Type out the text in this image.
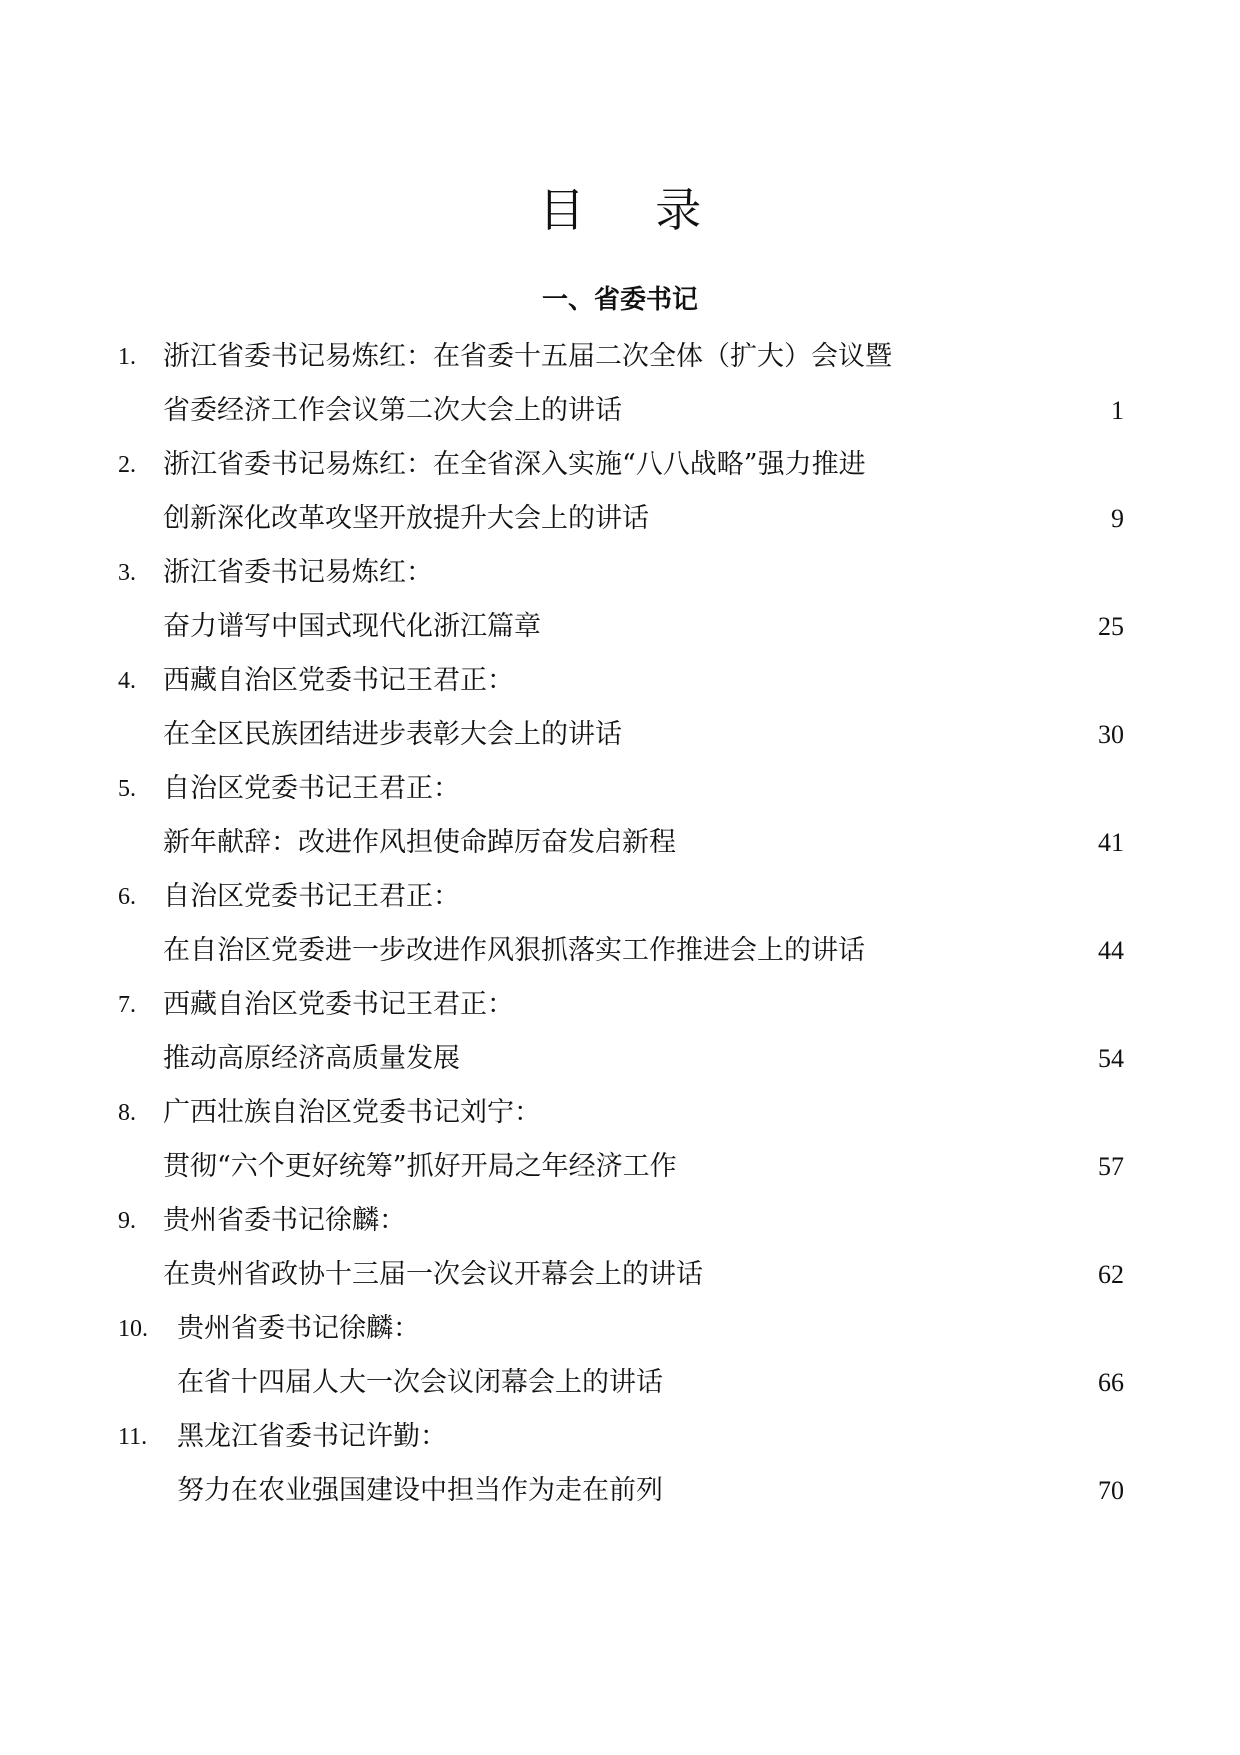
目 录
一、省委书记
1. 浙江省委书记易炼红：在省委十五届二次全体（扩大）会议暨
省委经济工作会议第二次大会上的讲话	1
2. 浙江省委书记易炼红：在全省深入实施“八八战略”强力推进
创新深化改革攻坚开放提升大会上的讲话	9
3. 浙江省委书记易炼红：
奋力谱写中国式现代化浙江篇章	25
4. 西藏自治区党委书记王君正：
在全区民族团结进步表彰大会上的讲话	30
5. 自治区党委书记王君正：
新年献辞：改进作风担使命踔厉奋发启新程	41
6. 自治区党委书记王君正：
在自治区党委进一步改进作风狠抓落实工作推进会上的讲话	44
7. 西藏自治区党委书记王君正：
推动高原经济高质量发展	54
8. 广西壮族自治区党委书记刘宁：
贯彻“六个更好统筹”抓好开局之年经济工作	57
9. 贵州省委书记徐麟：
在贵州省政协十三届一次会议开幕会上的讲话	62
10. 贵州省委书记徐麟：
在省十四届人大一次会议闭幕会上的讲话	66
11. 黑龙江省委书记许勤：
努力在农业强国建设中担当作为走在前列	70
